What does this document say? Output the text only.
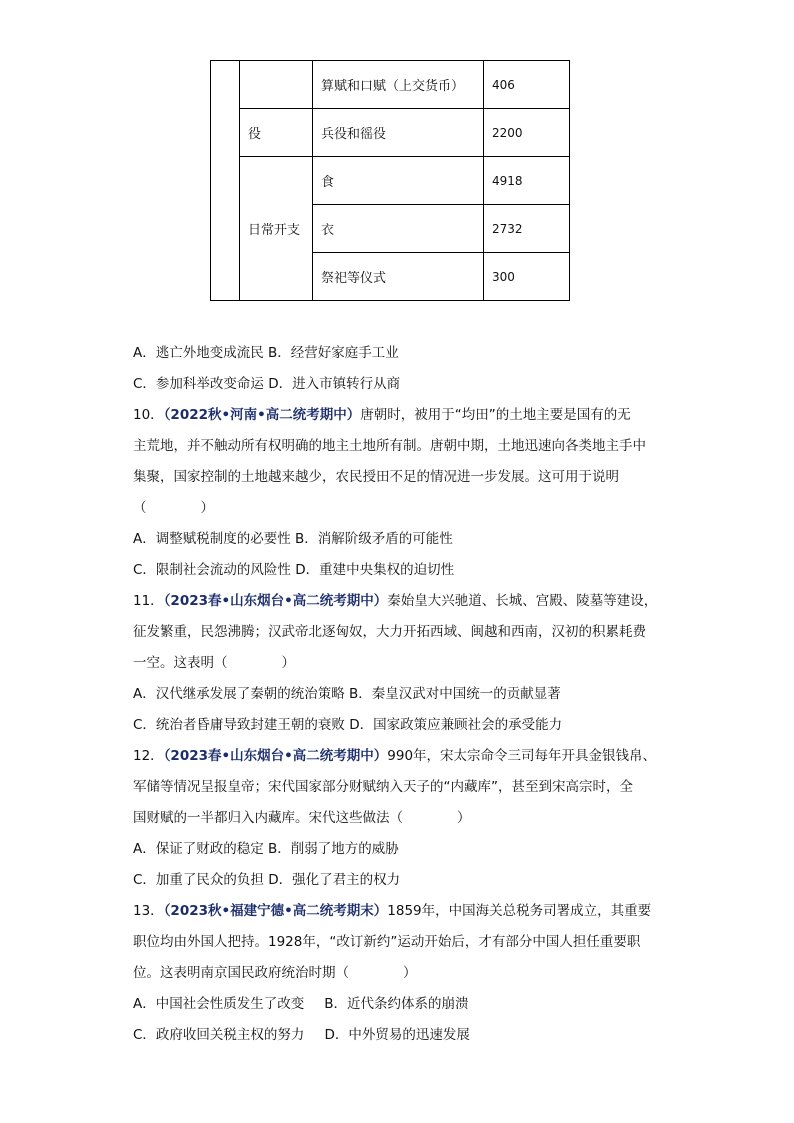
		算赋和口赋（上交货币）	406
	役	兵役和徭役	2200
	日常开支	食	4918
		衣	2732
		祭祀等仪式	300
A．逃亡外地变成流民 B．经营好家庭手工业
C．参加科举改变命运 D．进入市镇转行从商
10．（2022秋•河南•高二统考期中）唐朝时，被用于“均田”的土地主要是国有的无
主荒地，并不触动所有权明确的地主土地所有制。唐朝中期，土地迅速向各类地主手中
集聚，国家控制的土地越来越少，农民授田不足的情况进一步发展。这可用于说明
（	）
A．调整赋税制度的必要性 B．消解阶级矛盾的可能性
C．限制社会流动的风险性 D．重建中央集权的迫切性
11．（2023春•山东烟台•高二统考期中）秦始皇大兴驰道、长城、宫殿、陵墓等建设，
征发繁重，民怨沸腾；汉武帝北逐匈奴，大力开拓西域、闽越和西南，汉初的积累耗费
一空。这表明（	）
A．汉代继承发展了秦朝的统治策略 B．秦皇汉武对中国统一的贡献显著
C．统治者昏庸导致封建王朝的衰败 D．国家政策应兼顾社会的承受能力
12．（2023春•山东烟台•高二统考期中）990年，宋太宗命令三司每年开具金银钱帛、
军储等情况呈报皇帝；宋代国家部分财赋纳入天子的“内藏库”，甚至到宋高宗时，全
国财赋的一半都归入内藏库。宋代这些做法（	）
A．保证了财政的稳定 B．削弱了地方的威胁
C．加重了民众的负担 D．强化了君主的权力
13．（2023秋•福建宁德•高二统考期末）1859年，中国海关总税务司署成立，其重要
职位均由外国人把持。1928年，“改订新约”运动开始后，才有部分中国人担任重要职
位。这表明南京国民政府统治时期（	）
A．中国社会性质发生了改变 B．近代条约体系的崩溃
C．政府收回关税主权的努力 D．中外贸易的迅速发展
